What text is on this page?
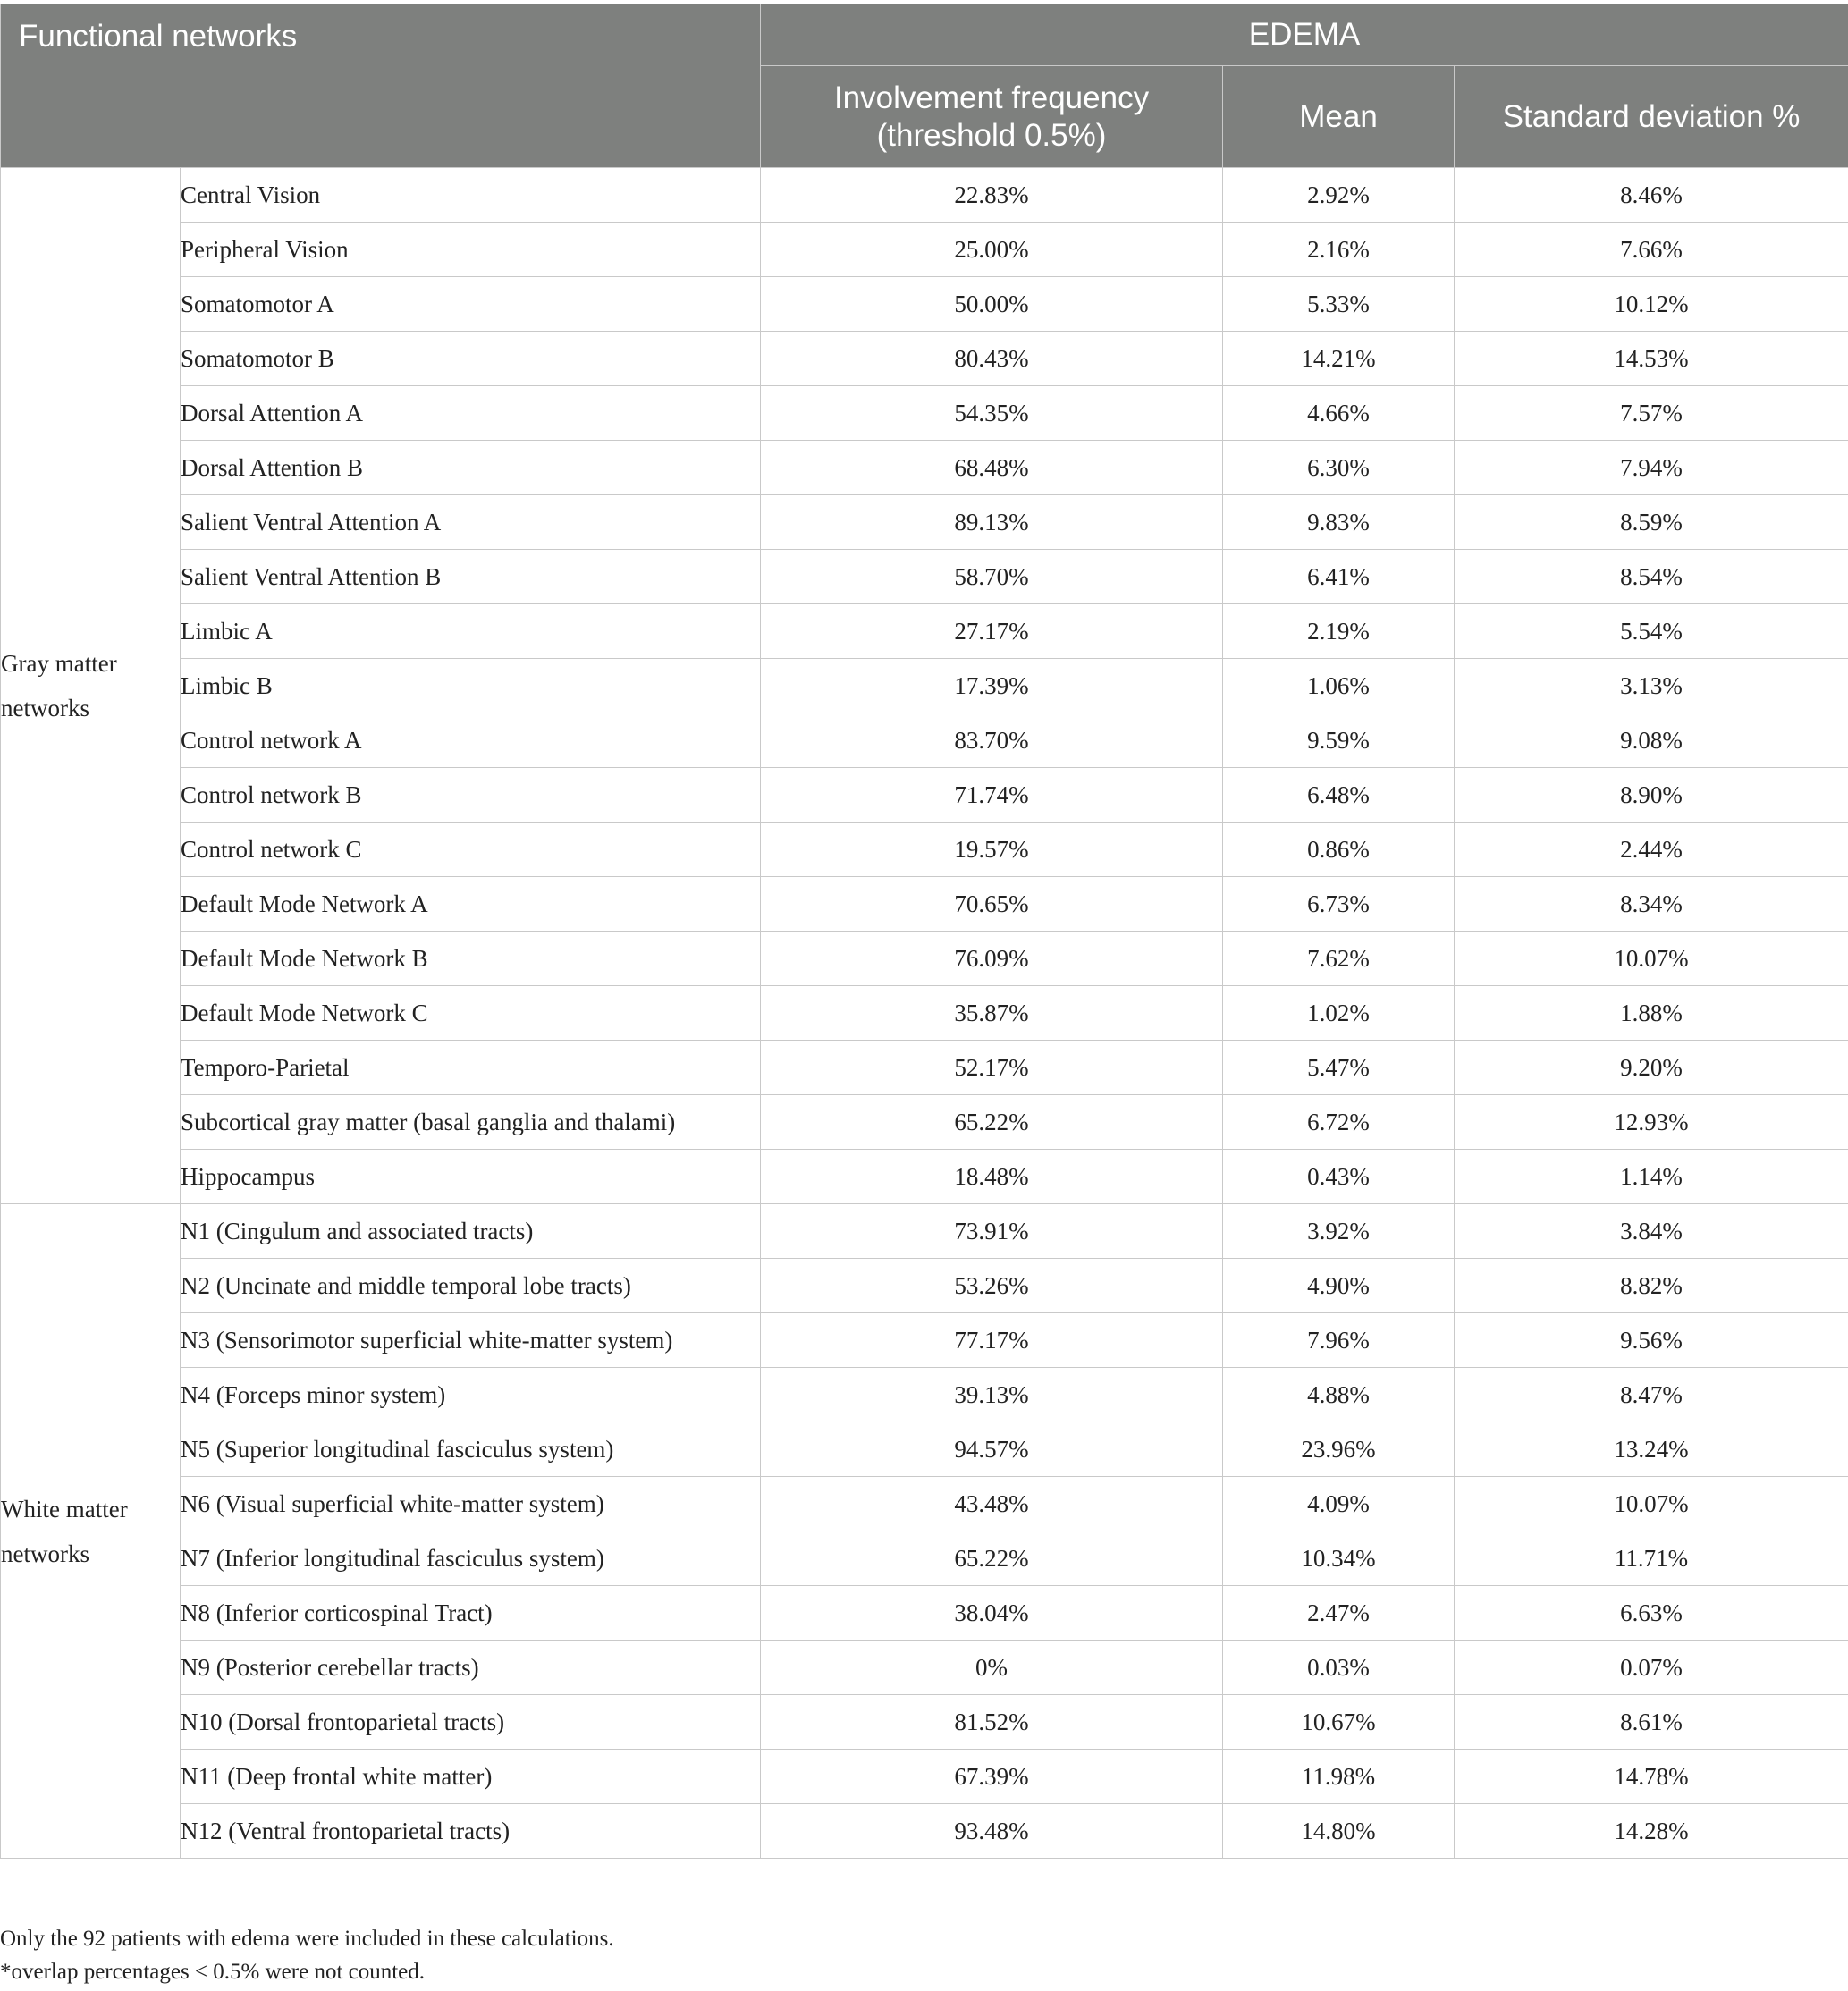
Functional networks		EDEMA		
		Involvement frequency (threshold 0.5%)	Mean	Standard deviation %
Gray matter networks	Central Vision	22.83%	2.92%	8.46%
	Peripheral Vision	25.00%	2.16%	7.66%
	Somatomotor A	50.00%	5.33%	10.12%
	Somatomotor B	80.43%	14.21%	14.53%
	Dorsal Attention A	54.35%	4.66%	7.57%
	Dorsal Attention B	68.48%	6.30%	7.94%
	Salient Ventral Attention A	89.13%	9.83%	8.59%
	Salient Ventral Attention B	58.70%	6.41%	8.54%
	Limbic A	27.17%	2.19%	5.54%
	Limbic B	17.39%	1.06%	3.13%
	Control network A	83.70%	9.59%	9.08%
	Control network B	71.74%	6.48%	8.90%
	Control network C	19.57%	0.86%	2.44%
	Default Mode Network A	70.65%	6.73%	8.34%
	Default Mode Network B	76.09%	7.62%	10.07%
	Default Mode Network C	35.87%	1.02%	1.88%
	Temporo-Parietal	52.17%	5.47%	9.20%
	Subcortical gray matter (basal ganglia and thalami)	65.22%	6.72%	12.93%
	Hippocampus	18.48%	0.43%	1.14%
White matter networks	N1 (Cingulum and associated tracts)	73.91%	3.92%	3.84%
	N2 (Uncinate and middle temporal lobe tracts)	53.26%	4.90%	8.82%
	N3 (Sensorimotor superficial white-matter system)	77.17%	7.96%	9.56%
	N4 (Forceps minor system)	39.13%	4.88%	8.47%
	N5 (Superior longitudinal fasciculus system)	94.57%	23.96%	13.24%
	N6 (Visual superficial white-matter system)	43.48%	4.09%	10.07%
	N7 (Inferior longitudinal fasciculus system)	65.22%	10.34%	11.71%
	N8 (Inferior corticospinal Tract)	38.04%	2.47%	6.63%
	N9 (Posterior cerebellar tracts)	0%	0.03%	0.07%
	N10 (Dorsal frontoparietal tracts)	81.52%	10.67%	8.61%
	N11 (Deep frontal white matter)	67.39%	11.98%	14.78%
	N12 (Ventral frontoparietal tracts)	93.48%	14.80%	14.28%
Only the 92 patients with edema were included in these calculations.
*overlap percentages < 0.5% were not counted.
